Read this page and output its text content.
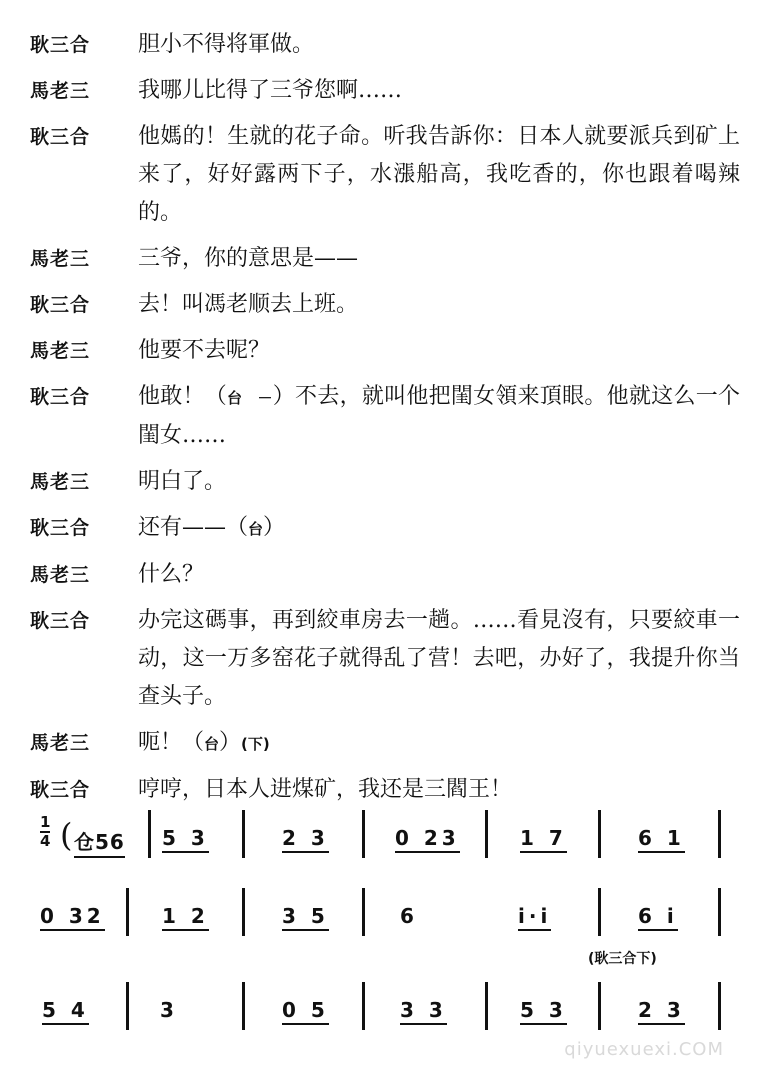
耿三合	胆小不得将軍做。
馬老三	我哪儿比得了三爷您啊……
耿三合	他媽的！生就的花子命。听我告訴你：日本人就要派兵到矿上来了，好好露两下子，水漲船高，我吃香的，你也跟着喝辣的。
馬老三	三爷，你的意思是——
耿三合	去！叫馮老顺去上班。
馬老三	他要不去呢？
耿三合	他敢！（台　－）不去，就叫他把閨女領来頂眼。他就这么一个閨女……
馬老三	明白了。
耿三合	还有——（台）
馬老三	什么？
耿三合	办完这碼事，再到絞車房去一趟。……看見沒有，只要絞車一动，这一万多窑花子就得乱了营！去吧，办好了，我提升你当查头子。
馬老三	呃！（台）(下)
耿三合	哼哼，日本人进煤矿，我还是三閻王！
1
4 ( 仓56 5 3	2 3	0 23	1 7	6 1
0 32	1 2	3 5	6	i·i	6 i
(耿三合下)
5 4	3	0 5	3 3	5 3	2 3
qiyuexuexi.COM
